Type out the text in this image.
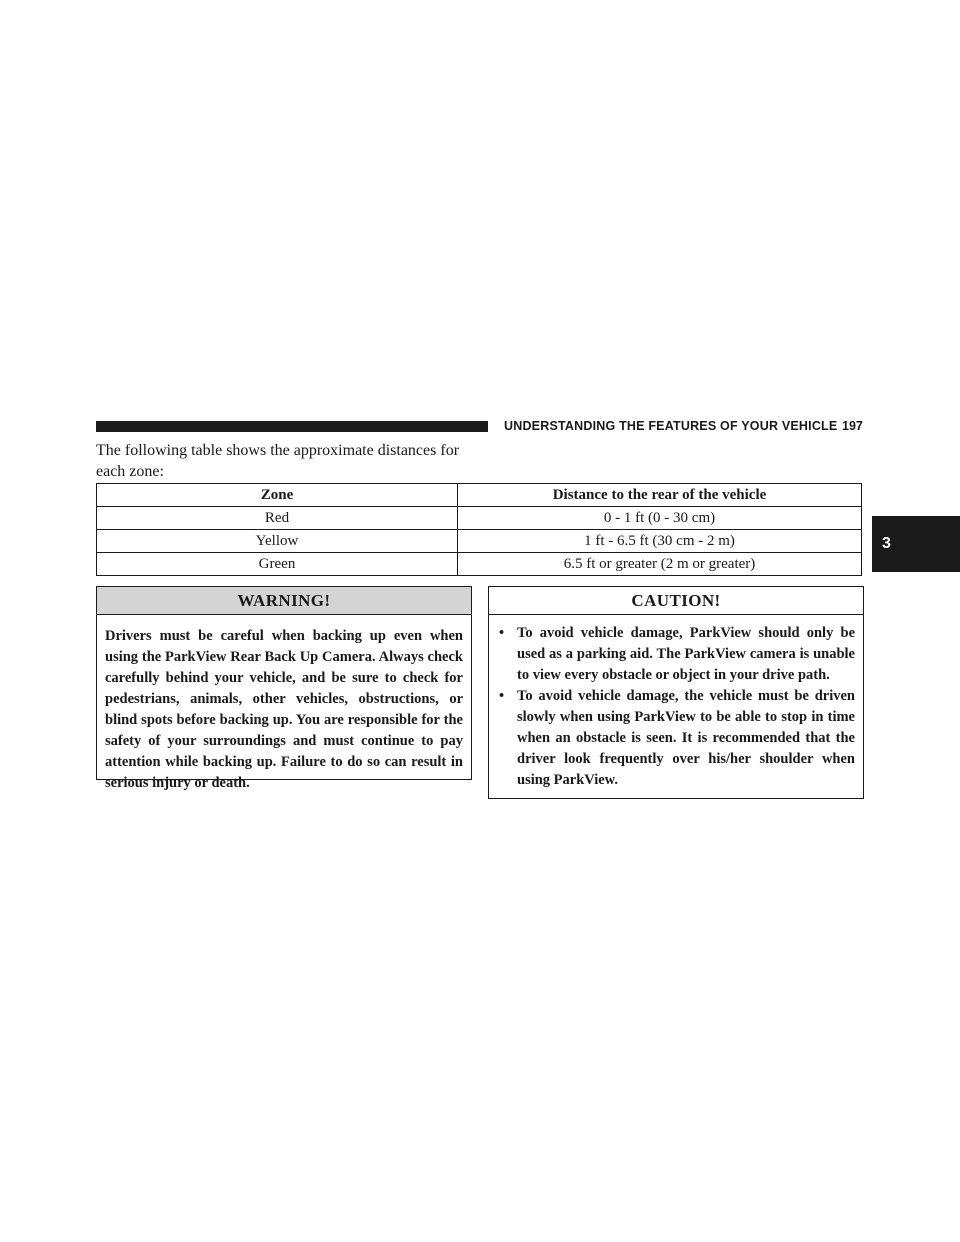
UNDERSTANDING THE FEATURES OF YOUR VEHICLE 197
3

The following table shows the approximate distances for each zone:

Zone	Distance to the rear of the vehicle
Red	0 - 1 ft (0 - 30 cm)
Yellow	1 ft - 6.5 ft (30 cm - 2 m)
Green	6.5 ft or greater (2 m or greater)
WARNING!
Drivers must be careful when backing up even when using the ParkView Rear Back Up Camera. Always check carefully behind your vehicle, and be sure to check for pedestrians, animals, other vehicles, obstructions, or blind spots before backing up. You are responsible for the safety of your surroundings and must continue to pay attention while backing up. Failure to do so can result in serious injury or death.
CAUTION!
• To avoid vehicle damage, ParkView should only be used as a parking aid. The ParkView camera is unable to view every obstacle or object in your drive path.
• To avoid vehicle damage, the vehicle must be driven slowly when using ParkView to be able to stop in time when an obstacle is seen. It is recommended that the driver look frequently over his/her shoulder when using ParkView.
